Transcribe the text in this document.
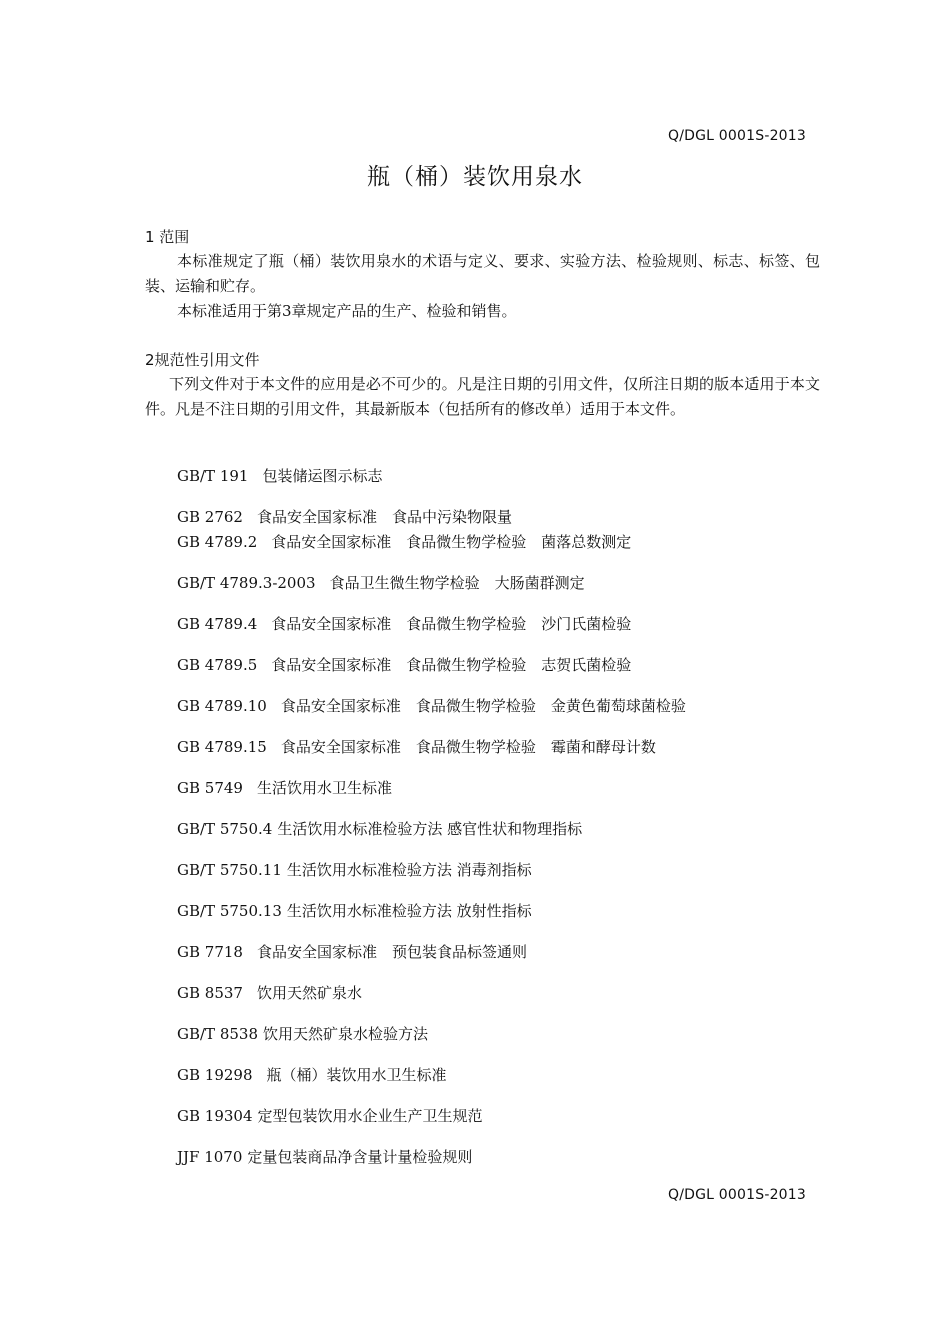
Q/DGL 0001S-2013
瓶（桶）装饮用泉水
1 范围
本标准规定了瓶（桶）装饮用泉水的术语与定义、要求、实验方法、检验规则、标志、标签、包装、运输和贮存。
本标准适用于第3章规定产品的生产、检验和销售。
2规范性引用文件
下列文件对于本文件的应用是必不可少的。凡是注日期的引用文件，仅所注日期的版本适用于本文件。凡是不注日期的引用文件，其最新版本（包括所有的修改单）适用于本文件。
GB/T 191 包装储运图示标志
GB 2762 食品安全国家标准　食品中污染物限量
GB 4789.2 食品安全国家标准　食品微生物学检验　菌落总数测定
GB/T 4789.3-2003 食品卫生微生物学检验　大肠菌群测定
GB 4789.4 食品安全国家标准　食品微生物学检验　沙门氏菌检验
GB 4789.5 食品安全国家标准　食品微生物学检验　志贺氏菌检验
GB 4789.10 食品安全国家标准　食品微生物学检验　金黄色葡萄球菌检验
GB 4789.15 食品安全国家标准　食品微生物学检验　霉菌和酵母计数
GB 5749 生活饮用水卫生标准
GB/T 5750.4 生活饮用水标准检验方法 感官性状和物理指标
GB/T 5750.11 生活饮用水标准检验方法 消毒剂指标
GB/T 5750.13 生活饮用水标准检验方法 放射性指标
GB 7718 食品安全国家标准　预包装食品标签通则
GB 8537 饮用天然矿泉水
GB/T 8538 饮用天然矿泉水检验方法
GB 19298 瓶（桶）装饮用水卫生标准
GB 19304 定型包装饮用水企业生产卫生规范
JJF 1070 定量包装商品净含量计量检验规则
Q/DGL 0001S-2013
